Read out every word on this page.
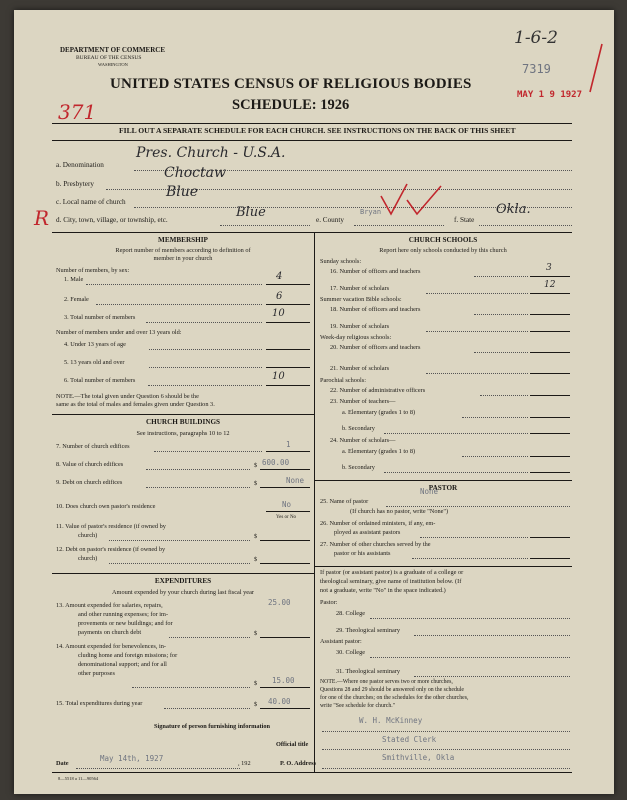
DEPARTMENT OF COMMERCE
BUREAU OF THE CENSUS
WASHINGTON
UNITED STATES CENSUS OF RELIGIOUS BODIES
SCHEDULE: 1926
371
1-6-2
7319
MAY 1 9 1927
FILL OUT A SEPARATE SCHEDULE FOR EACH CHURCH. SEE INSTRUCTIONS ON THE BACK OF THIS SHEET
a. Denomination
Pres. Church - U.S.A.
b. Presbytery
Choctaw
c. Local name of church
Blue
R d. City, town, village, or township, etc.	Blue	e. County
Bryan
f. State
Okla.
MEMBERSHIP
Report number of members according to definition of
member in your church
Number of members, by sex:
1. Male	4
2. Female	6
3. Total number of members	10
Number of members under and over 13 years old:
4. Under 13 years of age
5. 13 years old and over
6. Total number of members	10
NOTE.—The total given under Question 6 should be the
same as the total of males and females given under Question 3.
CHURCH BUILDINGS
See instructions, paragraphs 10 to 12
7. Number of church edifices	1
8. Value of church edifices	$ 600.00
9. Debt on church edifices	$	None
10. Does church own pastor's residence	No
Yes or No
11. Value of pastor's residence (if owned by
church)	$
12. Debt on pastor's residence (if owned by
church)	$
EXPENDITURES
Amount expended by your church during last fiscal year
13. Amount expended for salaries, repairs,
and other running expenses; for im-
provements or new buildings; and for
payments on church debt
25.00
$
14. Amount expended for benevolences, in-
cluding home and foreign missions; for
denominational support; and for all
other purposes
$ 15.00
15. Total expenditures during year	$ 40.00
CHURCH SCHOOLS
Report here only schools conducted by this church
Sunday schools:
16. Number of officers and teachers	3
17. Number of scholars	12
Summer vacation Bible schools:
18. Number of officers and teachers
19. Number of scholars
Week-day religious schools:
20. Number of officers and teachers
21. Number of scholars
Parochial schools:
22. Number of administrative officers
23. Number of teachers—
a. Elementary (grades 1 to 8)
b. Secondary
24. Number of scholars—
a. Elementary (grades 1 to 8)
b. Secondary
PASTOR
25. Name of pastor
None
(If church has no pastor, write "None")
26. Number of ordained ministers, if any, em-
ployed as assistant pastors
27. Number of other churches served by the
pastor or his assistants
If pastor (or assistant pastor) is a graduate of a college or
theological seminary, give name of institution below. (If
not a graduate, write "No" in the space indicated.)
Pastor:
28. College
29. Theological seminary
Assistant pastor:
30. College
31. Theological seminary
NOTE.—Where one pastor serves two or more churches,
Questions 28 and 29 should be answered only on the schedule
for one of the churches; on the schedules for the other churches,
write "See schedule for church."
Signature of person furnishing information
W. H. McKinney
Official title
Stated Clerk
Date
May 14th, 1927
, 192	P. O. Address
Smithville, Okla
8—5518 a 11—90564
